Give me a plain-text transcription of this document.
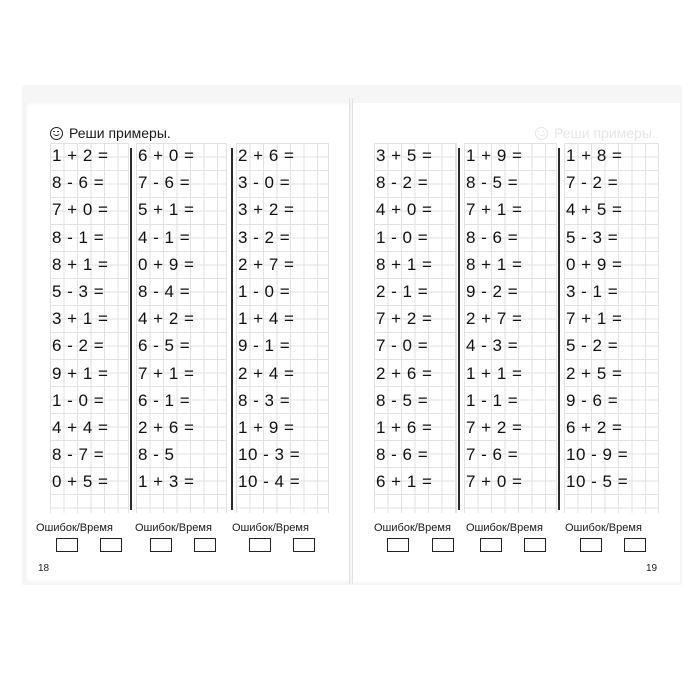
Реши примеры.	Реши примеры.
1 + 2 =
8 - 6 =
7 + 0 =
8 - 1 =
8 + 1 =
5 - 3 =
3 + 1 =
6 - 2 =
9 + 1 =
1 - 0 =
4 + 4 =
8 - 7 =
0 + 5 =
6 + 0 =
7 - 6 =
5 + 1 =
4 - 1 =
0 + 9 =
8 - 4 =
4 + 2 =
6 - 5 =
7 + 1 =
6 - 1 =
2 + 6 =
8 - 5
1 + 3 =
2 + 6 =
3 - 0 =
3 + 2 =
3 - 2 =
2 + 7 =
1 - 0 =
1 + 4 =
9 - 1 =
2 + 4 =
8 - 3 =
1 + 9 =
10 - 3 =
10 - 4 =
3 + 5 =
8 - 2 =
4 + 0 =
1 - 0 =
8 + 1 =
2 - 1 =
7 + 2 =
7 - 0 =
2 + 6 =
8 - 5 =
1 + 6 =
8 - 6 =
6 + 1 =
1 + 9 =
8 - 5 =
7 + 1 =
8 - 6 =
8 + 1 =
9 - 2 =
2 + 7 =
4 - 3 =
1 + 1 =
1 - 1 =
7 + 2 =
7 - 6 =
7 + 0 =
1 + 8 =
7 - 2 =
4 + 5 =
5 - 3 =
0 + 9 =
3 - 1 =
7 + 1 =
5 - 2 =
2 + 5 =
9 - 6 =
6 + 2 =
10 - 9 =
10 - 5 =
Ошибок/Время Ошибок/Время Ошибок/Время	Ошибок/Время Ошибок/Время Ошибок/Время
18	19
